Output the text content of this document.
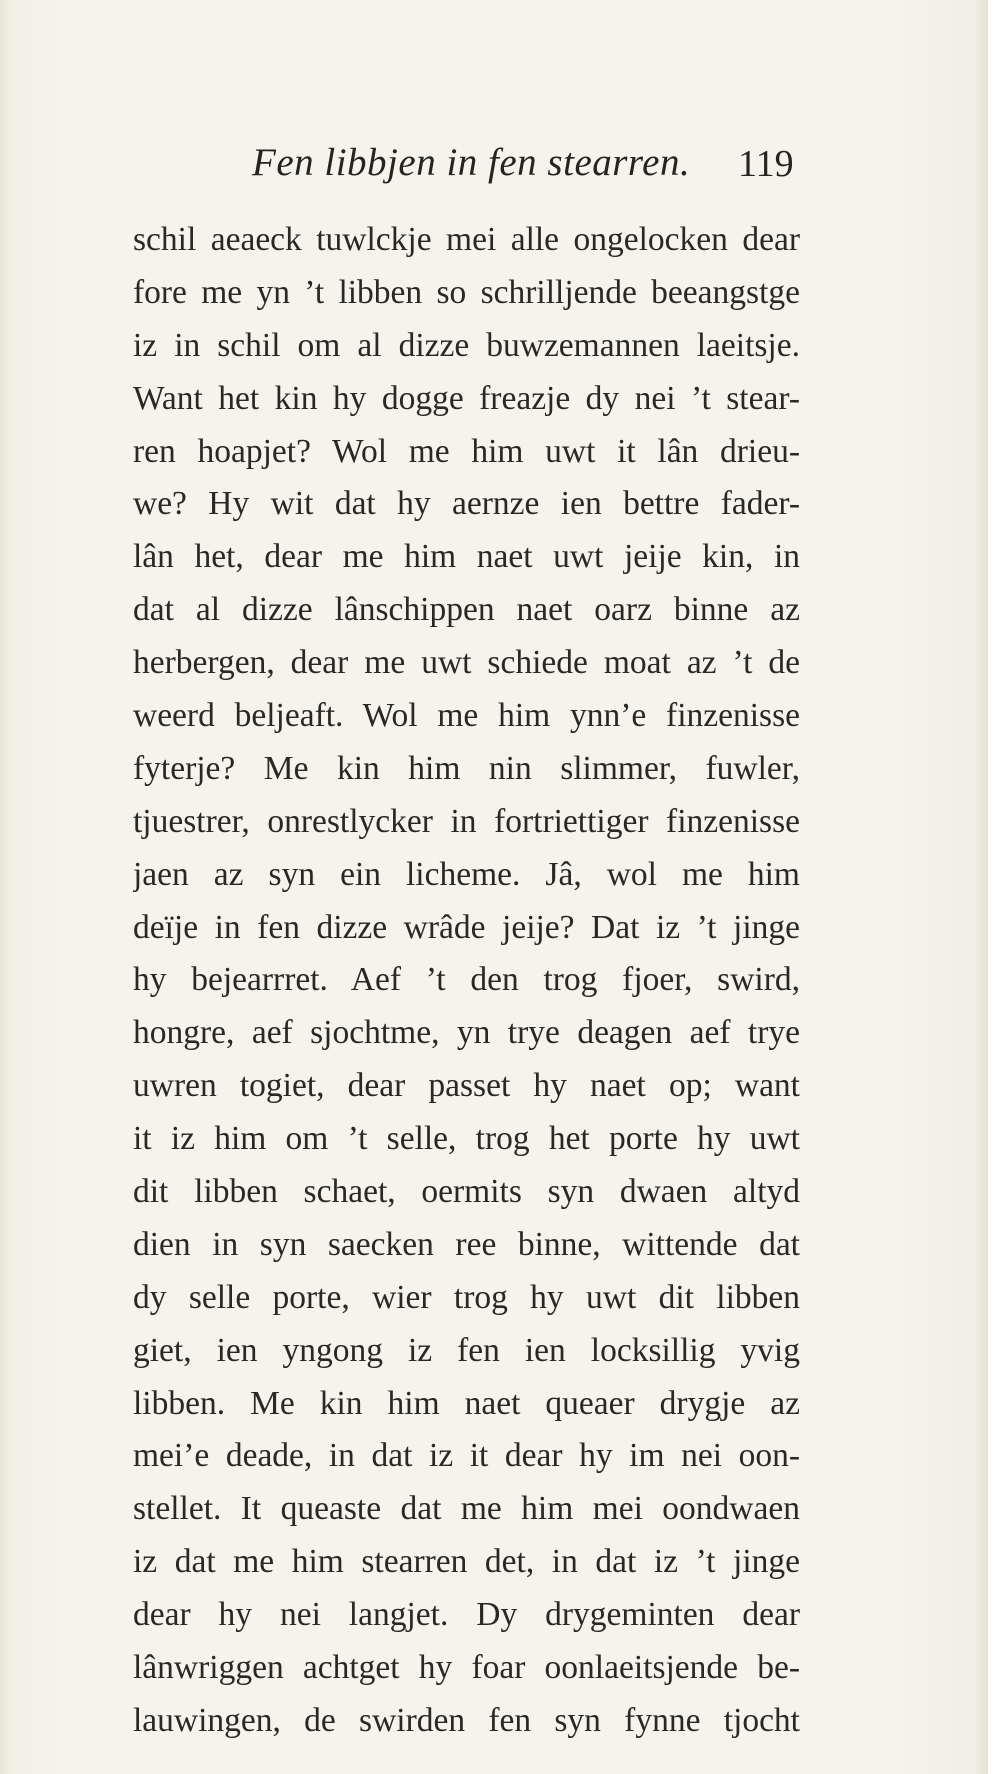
Fen libbjen in fen stearren. 119
schil aeaeck tuwlckje mei alle ongelocken dear
fore me yn ’t libben so schrilljende beeangstge
iz in schil om al dizze buwzemannen laeitsje.
Want het kin hy dogge freazje dy nei ’t stear-
ren hoapjet? Wol me him uwt it lân drieu-
we? Hy wit dat hy aernze ien bettre fader-
lân het, dear me him naet uwt jeije kin, in
dat al dizze lânschippen naet oarz binne az
herbergen, dear me uwt schiede moat az ’t de
weerd beljeaft. Wol me him ynn’e finzenisse
fyterje? Me kin him nin slimmer, fuwler,
tjuestrer, onrestlycker in fortriettiger finzenisse
jaen az syn ein licheme. Jâ, wol me him
deïje in fen dizze wrâde jeije? Dat iz ’t jinge
hy bejearrret. Aef ’t den trog fjoer, swird,
hongre, aef sjochtme, yn trye deagen aef trye
uwren togiet, dear passet hy naet op; want
it iz him om ’t selle, trog het porte hy uwt
dit libben schaet, oermits syn dwaen altyd
dien in syn saecken ree binne, wittende dat
dy selle porte, wier trog hy uwt dit libben
giet, ien yngong iz fen ien locksillig yvig
libben. Me kin him naet queaer drygje az
mei’e deade, in dat iz it dear hy im nei oon-
stellet. It queaste dat me him mei oondwaen
iz dat me him stearren det, in dat iz ’t jinge
dear hy nei langjet. Dy drygeminten dear
lânwriggen achtget hy foar oonlaeitsjende be-
lauwingen, de swirden fen syn fynne tjocht
